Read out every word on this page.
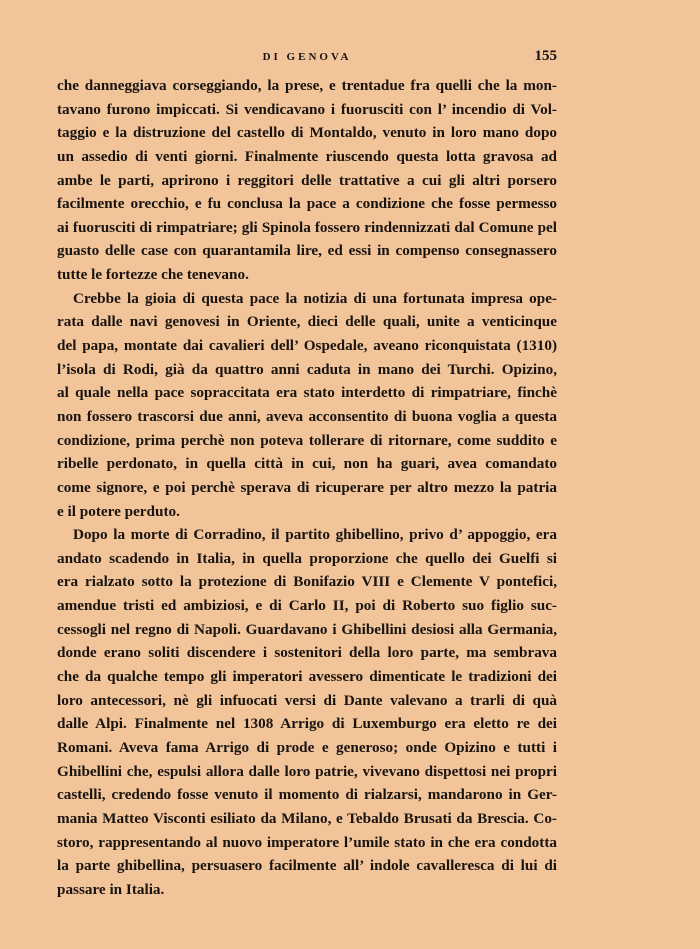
DI GENOVA	155
che danneggiava corseggiando, la prese, e trentadue fra quelli che la mon-
tavano furono impiccati. Si vendicavano i fuorusciti con l’ incendio di Vol-
taggio e la distruzione del castello di Montaldo, venuto in loro mano dopo
un assedio di venti giorni. Finalmente riuscendo questa lotta gravosa ad
ambe le parti, aprirono i reggitori delle trattative a cui gli altri porsero
facilmente orecchio, e fu conclusa la pace a condizione che fosse permesso
ai fuorusciti di rimpatriare; gli Spinola fossero rindennizzati dal Comune pel
guasto delle case con quarantamila lire, ed essi in compenso consegnassero
tutte le fortezze che tenevano.
Crebbe la gioia di questa pace la notizia di una fortunata impresa ope-
rata dalle navi genovesi in Oriente, dieci delle quali, unite a venticinque
del papa, montate dai cavalieri dell’ Ospedale, aveano riconquistata (1310)
l’isola di Rodi, già da quattro anni caduta in mano dei Turchi. Opizino,
al quale nella pace sopraccitata era stato interdetto di rimpatriare, finchè
non fossero trascorsi due anni, aveva acconsentito di buona voglia a questa
condizione, prima perchè non poteva tollerare di ritornare, come suddito e
ribelle perdonato, in quella città in cui, non ha guari, avea comandato
come signore, e poi perchè sperava di ricuperare per altro mezzo la patria
e il potere perduto.
Dopo la morte di Corradino, il partito ghibellino, privo d’ appoggio, era
andato scadendo in Italia, in quella proporzione che quello dei Guelfi si
era rialzato sotto la protezione di Bonifazio VIII e Clemente V pontefici,
amendue tristi ed ambiziosi, e di Carlo II, poi di Roberto suo figlio suc-
cessogli nel regno di Napoli. Guardavano i Ghibellini desiosi alla Germania,
donde erano soliti discendere i sostenitori della loro parte, ma sembrava
che da qualche tempo gli imperatori avessero dimenticate le tradizioni dei
loro antecessori, nè gli infuocati versi di Dante valevano a trarli di quà
dalle Alpi. Finalmente nel 1308 Arrigo di Luxemburgo era eletto re dei
Romani. Aveva fama Arrigo di prode e generoso; onde Opizino e tutti i
Ghibellini che, espulsi allora dalle loro patrie, vivevano dispettosi nei propri
castelli, credendo fosse venuto il momento di rialzarsi, mandarono in Ger-
mania Matteo Visconti esiliato da Milano, e Tebaldo Brusati da Brescia. Co-
storo, rappresentando al nuovo imperatore l’umile stato in che era condotta
la parte ghibellina, persuasero facilmente all’ indole cavalleresca di lui di
passare in Italia.
